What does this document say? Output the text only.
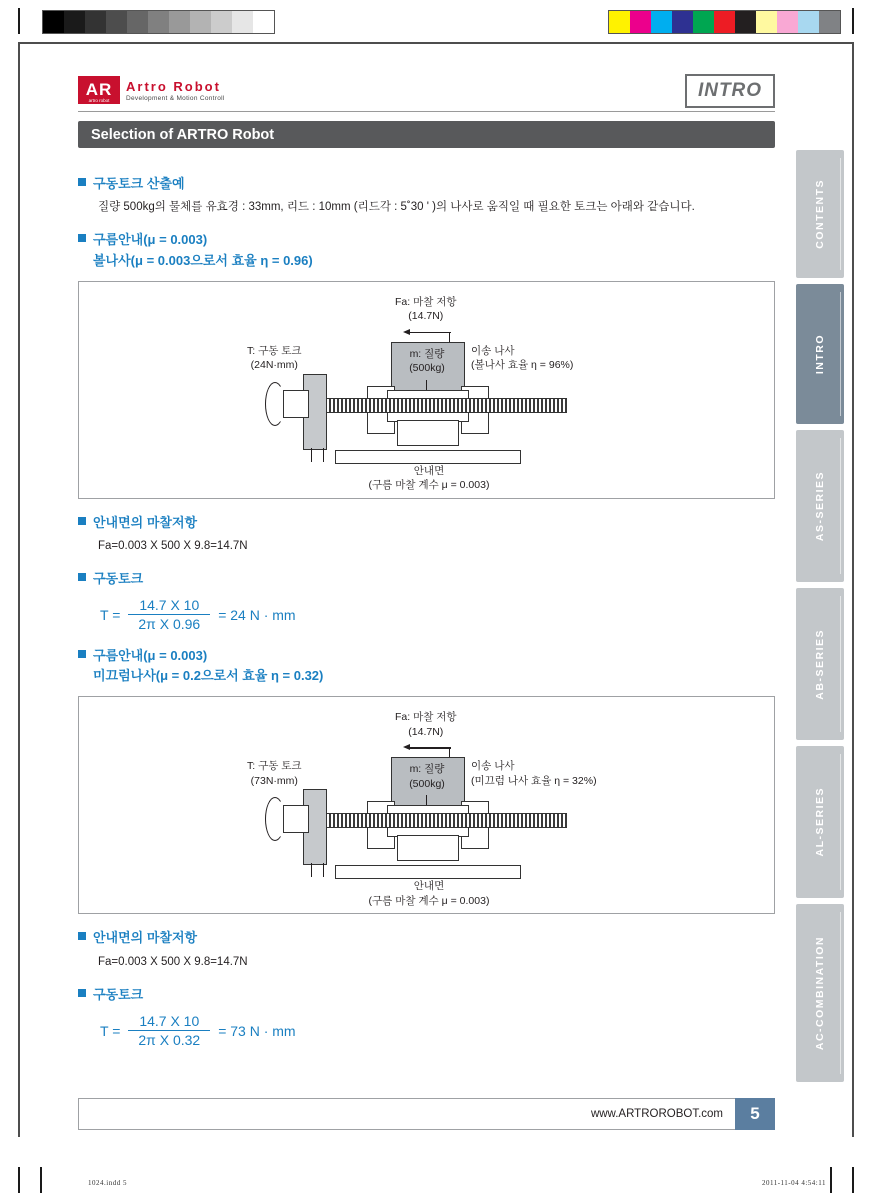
AR
artro robot
Artro Robot
Development & Motion Controll	INTRO
Selection of ARTRO Robot
구동토크 산출예
질량 500kg의 물체를 유효경 : 33mm, 리드 : 10mm (리드각 : 5˚30 ' )의 나사로 움직일 때 필요한 토크는 아래와 같습니다.
구름안내(μ = 0.003)
볼나사(μ = 0.003으로서 효율 η = 0.96)
Fa: 마찰 저항
(14.7N)
T: 구동 토크
(24N·mm)
m: 질량
(500kg)
이송 나사
(볼나사 효율 η = 96%)
안내면
(구름 마찰 계수 μ = 0.003)
안내면의 마찰저항
Fa=0.003 X 500 X 9.8=14.7N
구동토크
$T = \frac{14.7 X 10}{\text{2π X 0.96}} = 24$ N · mm
구름안내(μ = 0.003)
미끄럼나사(μ = 0.2으로서 효율 η = 0.32)
Fa: 마찰 저항
(14.7N)
T: 구동 토크
(73N·mm)
m: 질량
(500kg)
이송 나사
(미끄럼 나사 효율 η = 32%)
안내면
(구름 마찰 계수 μ = 0.003)
안내면의 마찰저항
Fa=0.003 X 500 X 9.8=14.7N
구동토크
$T = \frac{14.7 X 10}{\text{2π X 0.32}} = 73$ N · mm
CONTENTS
INTRO
AS-SERIES
AB-SERIES
AL-SERIES
AC-COMBINATION
www.ARTROROBOT.com	5
1024.indd 5	2011-11-04 4:54:11
